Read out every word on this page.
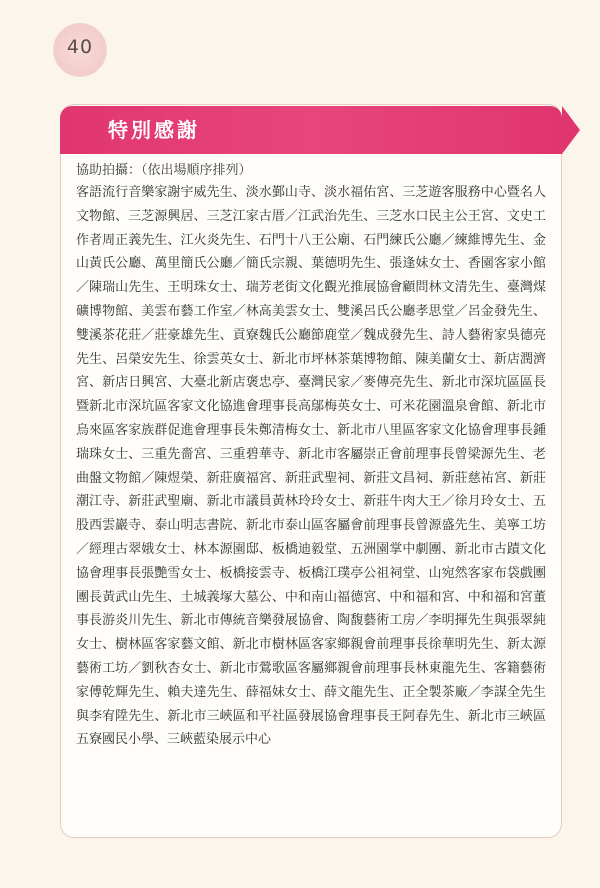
40
特別感謝
協助拍攝：（依出場順序排列）
客語流行音樂家謝宇威先生、淡水鄞山寺、淡水福佑宮、三芝遊客服務中心暨名人文物館、三芝源興居、三芝江家古厝／江武治先生、三芝水口民主公王宮、文史工作者周正義先生、江火炎先生、石門十八王公廟、石門練氏公廳／練維博先生、金山黃氏公廳、萬里簡氏公廳／簡氏宗親、葉德明先生、張逢妹女士、香園客家小館／陳瑞山先生、王明珠女士、瑞芳老街文化觀光推展協會顧問林文清先生、臺灣煤礦博物館、美雲布藝工作室／林高美雲女士、雙溪呂氏公廳孝思堂／呂金發先生、雙溪茶花莊／莊豪雄先生、貢寮魏氏公廳節鹿堂／魏成發先生、詩人藝術家吳德亮先生、呂榮安先生、徐雲英女士、新北市坪林茶葉博物館、陳美蘭女士、新店潤濟宮、新店日興宮、大臺北新店褒忠亭、臺灣民家／麥傳亮先生、新北市深坑區區長暨新北市深坑區客家文化協進會理事長高鄔梅英女士、可米花園溫泉會館、新北市烏來區客家族群促進會理事長朱鄭清梅女士、新北市八里區客家文化協會理事長鍾瑞珠女士、三重先嗇宮、三重碧華寺、新北市客屬崇正會前理事長曾梁源先生、老曲盤文物館／陳煜榮、新莊廣福宮、新莊武聖祠、新莊文昌祠、新莊慈祐宮、新莊潮江寺、新莊武聖廟、新北市議員黃林玲玲女士、新莊牛肉大王／徐月玲女士、五股西雲巖寺、泰山明志書院、新北市泰山區客屬會前理事長曾源盛先生、美寧工坊／經理古翠娥女士、林本源園邸、板橋迪毅堂、五洲園掌中劇團、新北市古蹟文化協會理事長張艷雪女士、板橋接雲寺、板橋江璞亭公祖祠堂、山宛然客家布袋戲團團長黃武山先生、土城義塚大墓公、中和南山福德宮、中和福和宮、中和福和宮董事長游炎川先生、新北市傳統音樂發展協會、陶馥藝術工房／李明揮先生與張翠純女士、樹林區客家藝文館、新北市樹林區客家鄉親會前理事長徐華明先生、新太源藝術工坊／劉秋杏女士、新北市鶯歌區客屬鄉親會前理事長林東龍先生、客籍藝術家傅乾輝先生、賴夫達先生、薛福妹女士、薛文龍先生、正全製茶廠／李謀全先生與李宥陞先生、新北市三峽區和平社區發展協會理事長王阿春先生、新北市三峽區五寮國民小學、三峽藍染展示中心
